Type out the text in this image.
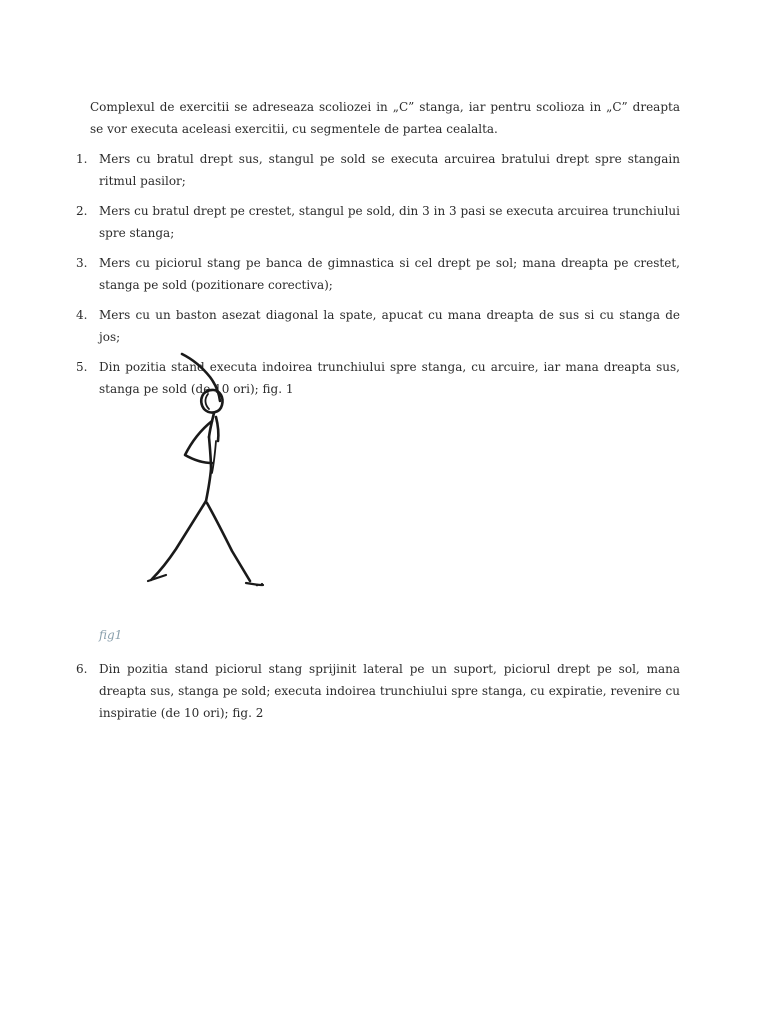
Complexul de exercitii se adreseaza scoliozei in „C” stanga, iar pentru scolioza in „C” dreapta se vor executa aceleasi exercitii, cu segmentele de partea cealalta.

1. Mers cu bratul drept sus, stangul pe sold se executa arcuirea bratului drept spre stangain ritmul pasilor;
2. Mers cu bratul drept pe crestet, stangul pe sold, din 3 in 3 pasi se executa arcuirea trunchiului spre stanga;
3. Mers cu piciorul stang pe banca de gimnastica si cel drept pe sol; mana dreapta pe crestet, stanga pe sold (pozitionare corectiva);
4. Mers cu un baston asezat diagonal la spate, apucat cu mana dreapta de sus si cu stanga de jos;
5. Din pozitia stand executa indoirea trunchiului spre stanga, cu arcuire, iar mana dreapta sus, stanga pe sold (de 10 ori); fig. 1
fig1
6. Din pozitia stand piciorul stang sprijinit lateral pe un suport, piciorul drept pe sol, mana dreapta sus, stanga pe sold; executa indoirea trunchiului spre stanga, cu expiratie, revenire cu inspiratie (de 10 ori); fig. 2
